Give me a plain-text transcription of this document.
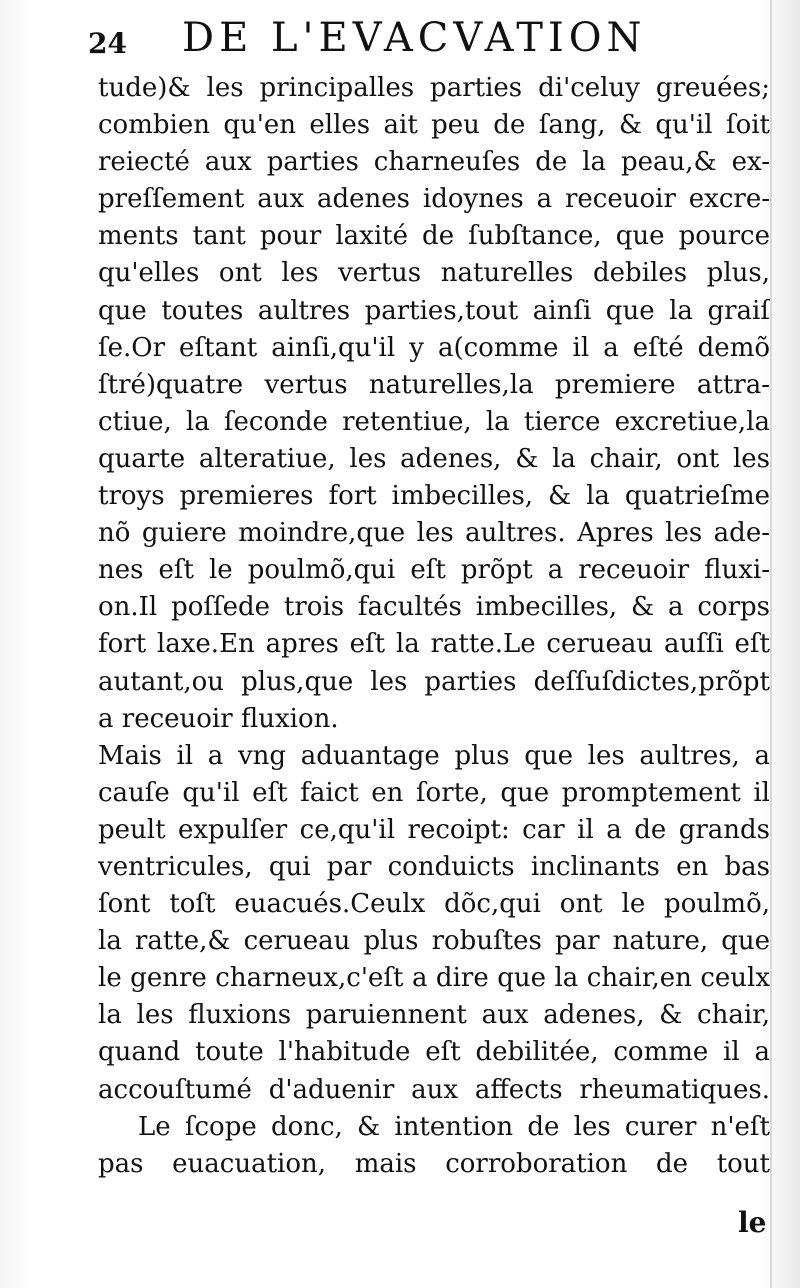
24 DE L'EVACVATION
tude)& les principalles parties di'celuy greuées;
combien qu'en elles ait peu de ſang, & qu'il ſoit
reiecté aux parties charneuſes de la peau,& ex-
preſſement aux adenes idoynes a receuoir excre-
ments tant pour laxité de ſubſtance, que pource
qu'elles ont les vertus naturelles debiles plus,
que toutes aultres parties,tout ainſi que la graiſ
ſe.Or eſtant ainſi,qu'il y a(comme il a eſté demõ
ſtré)quatre vertus naturelles,la premiere attra-
ctiue, la ſeconde retentiue, la tierce excretiue,la
quarte alteratiue, les adenes, & la chair, ont les
troys premieres fort imbecilles, & la quatrieſme
nõ guiere moindre,que les aultres. Apres les ade-
nes eſt le poulmõ,qui eſt prõpt a receuoir fluxi-
on.Il poſſede trois facultés imbecilles, & a corps
fort laxe.En apres eſt la ratte.Le cerueau auſſi eſt
autant,ou plus,que les parties deſſuſdictes,prõpt
a receuoir fluxion.
Mais il a vng aduantage plus que les aultres, a
cauſe qu'il eſt faict en ſorte, que promptement il
peult expulſer ce,qu'il recoipt: car il a de grands
ventricules, qui par conduicts inclinants en bas
ſont toſt euacués.Ceulx dõc,qui ont le poulmõ,
la ratte,& cerueau plus robuſtes par nature, que
le genre charneux,c'eſt a dire que la chair,en ceulx
la les fluxions paruiennent aux adenes, & chair,
quand toute l'habitude eſt debilitée, comme il a
accouſtumé d'aduenir aux affects rheumatiques.
Le ſcope donc, & intention de les curer n'eſt
pas euacuation, mais corroboration de tout
le
